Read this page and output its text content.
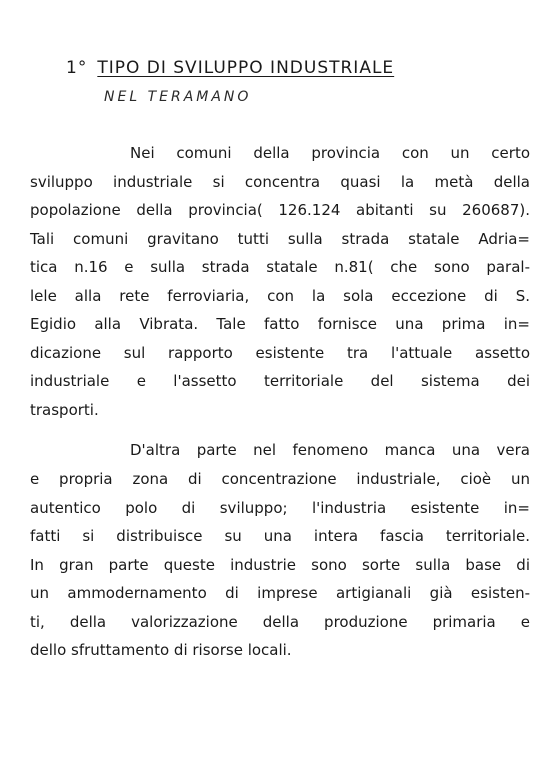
1° TIPO DI SVILUPPO INDUSTRIALE
NEL TERAMANO
Nei comuni della provincia con un certo
sviluppo industriale si concentra quasi la metà della
popolazione della provincia( 126.124 abitanti su 260687).
Tali comuni gravitano tutti sulla strada statale Adria=
tica n.16 e sulla strada statale n.81( che sono paral-
lele alla rete ferroviaria, con la sola eccezione di S.
Egidio alla Vibrata. Tale fatto fornisce una prima in=
dicazione sul rapporto esistente tra l'attuale assetto
industriale e l'assetto territoriale del sistema dei
trasporti.
D'altra parte nel fenomeno manca una vera
e propria zona di concentrazione industriale, cioè un
autentico polo di sviluppo; l'industria esistente in=
fatti si distribuisce su una intera fascia territoriale.
In gran parte queste industrie sono sorte sulla base di
un ammodernamento di imprese artigianali già esisten-
ti, della valorizzazione della produzione primaria e
dello sfruttamento di risorse locali.
